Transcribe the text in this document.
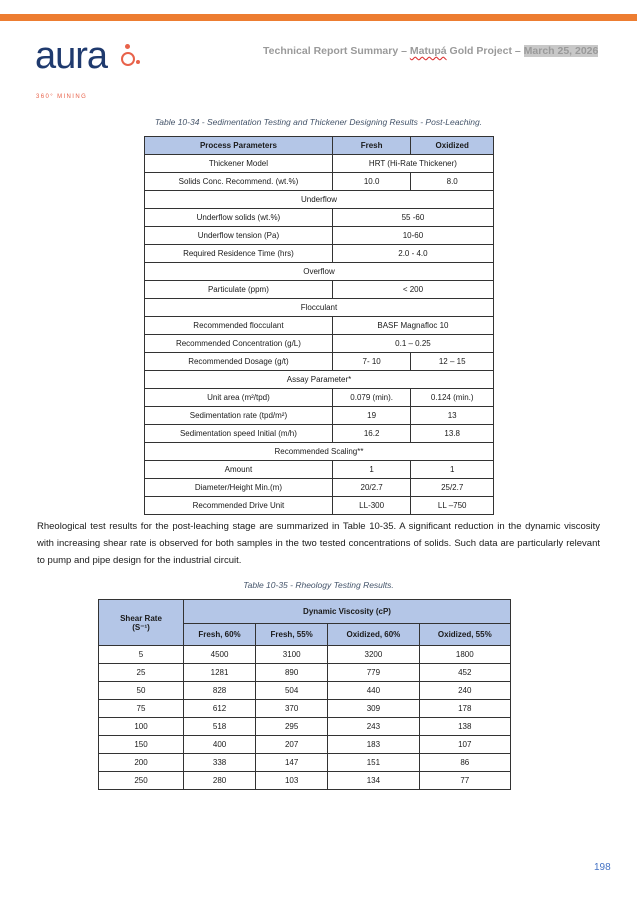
aura
360° MINING
Technical Report Summary – Matupá Gold Project – March 25, 2026
Table 10-34 - Sedimentation Testing and Thickener Designing Results - Post-Leaching.
Process Parameters	Fresh	Oxidized
Thickener Model	HRT (Hi-Rate Thickener)	
Solids Conc. Recommend. (wt.%)	10.0	8.0
Underflow		
Underflow solids (wt.%)	55 -60	
Underflow tension (Pa)	10-60	
Required Residence Time (hrs)	2.0 - 4.0	
Overflow		
Particulate (ppm)	< 200	
Flocculant		
Recommended flocculant	BASF Magnafloc 10	
Recommended Concentration (g/L)	0.1 – 0.25	
Recommended Dosage (g/t)	7- 10	12 – 15
Assay Parameter*		
Unit area (m²/tpd)	0.079 (min).	0.124 (min.)
Sedimentation rate (tpd/m²)	19	13
Sedimentation speed Initial (m/h)	16.2	13.8
Recommended Scaling**		
Amount	1	1
Diameter/Height Min.(m)	20/2.7	25/2.7
Recommended Drive Unit	LL-300	LL –750
Rheological test results for the post-leaching stage are summarized in Table 10-35. A significant reduction in the dynamic viscosity with increasing shear rate is observed for both samples in the two tested concentrations of solids. Such data are particularly relevant to pump and pipe design for the industrial circuit.
Table 10-35 - Rheology Testing Results.
Shear Rate
(S⁻¹)	Dynamic Viscosity (cP)			
	Fresh, 60%	Fresh, 55%	Oxidized, 60%	Oxidized, 55%
5	4500	3100	3200	1800
25	1281	890	779	452
50	828	504	440	240
75	612	370	309	178
100	518	295	243	138
150	400	207	183	107
200	338	147	151	86
250	280	103	134	77
198
